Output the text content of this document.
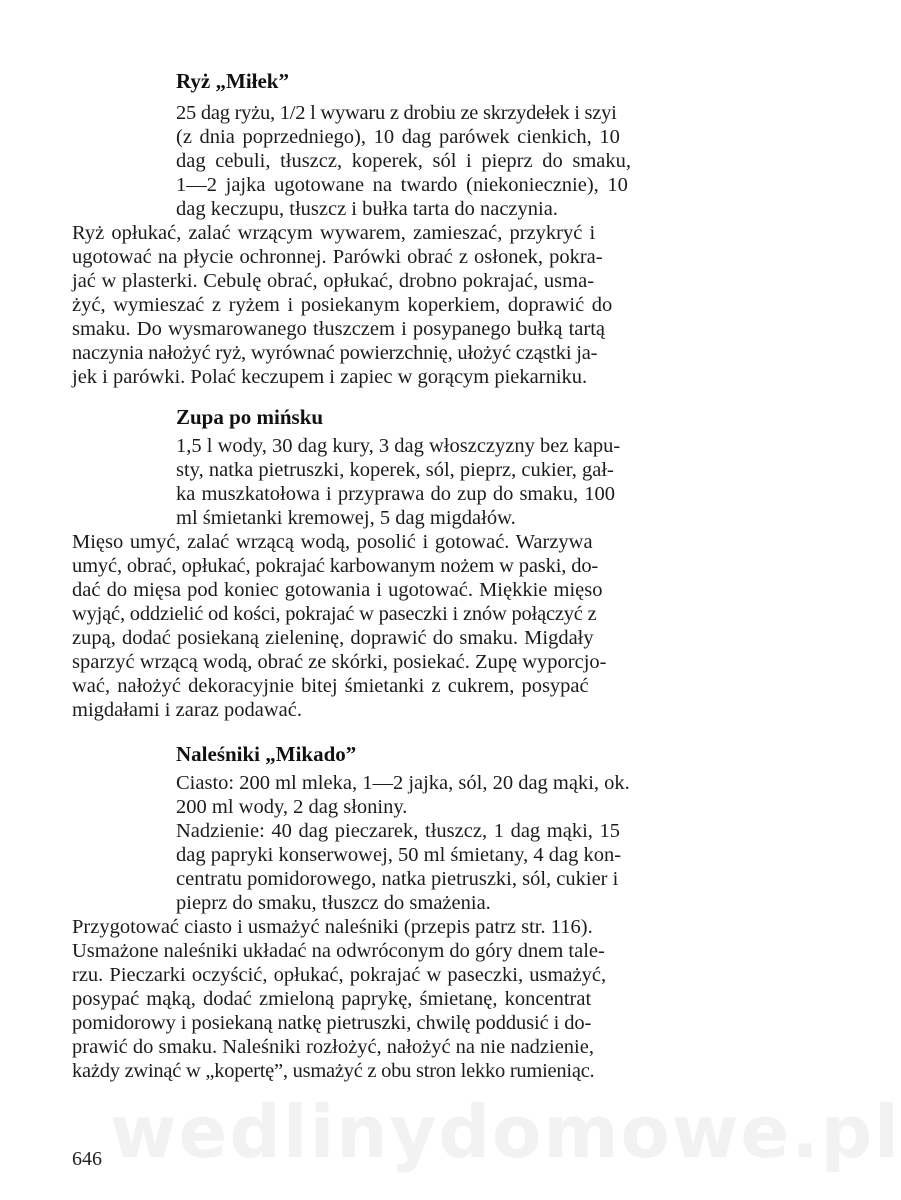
wedlinydomowe.pl
Ryż „Miłek”
25 dag ryżu, 1/2 l wywaru z drobiu ze skrzydełek i szyi
(z dnia poprzedniego), 10 dag parówek cienkich, 10
dag cebuli, tłuszcz, koperek, sól i pieprz do smaku,
1—2 jajka ugotowane na twardo (niekoniecznie), 10
dag keczupu, tłuszcz i bułka tarta do naczynia.
Ryż opłukać, zalać wrzącym wywarem, zamieszać, przykryć i
ugotować na płycie ochronnej. Parówki obrać z osłonek, pokra-
jać w plasterki. Cebulę obrać, opłukać, drobno pokrajać, usma-
żyć, wymieszać z ryżem i posiekanym koperkiem, doprawić do
smaku. Do wysmarowanego tłuszczem i posypanego bułką tartą
naczynia nałożyć ryż, wyrównać powierzchnię, ułożyć cząstki ja-
jek i parówki. Polać keczupem i zapiec w gorącym piekarniku.
Zupa po mińsku
1,5 l wody, 30 dag kury, 3 dag włoszczyzny bez kapu-
sty, natka pietruszki, koperek, sól, pieprz, cukier, gał-
ka muszkatołowa i przyprawa do zup do smaku, 100
ml śmietanki kremowej, 5 dag migdałów.
Mięso umyć, zalać wrzącą wodą, posolić i gotować. Warzywa
umyć, obrać, opłukać, pokrajać karbowanym nożem w paski, do-
dać do mięsa pod koniec gotowania i ugotować. Miękkie mięso
wyjąć, oddzielić od kości, pokrajać w paseczki i znów połączyć z
zupą, dodać posiekaną zieleninę, doprawić do smaku. Migdały
sparzyć wrzącą wodą, obrać ze skórki, posiekać. Zupę wyporcjo-
wać, nałożyć dekoracyjnie bitej śmietanki z cukrem, posypać
migdałami i zaraz podawać.
Naleśniki „Mikado”
Ciasto: 200 ml mleka, 1—2 jajka, sól, 20 dag mąki, ok.
200 ml wody, 2 dag słoniny.
Nadzienie: 40 dag pieczarek, tłuszcz, 1 dag mąki, 15
dag papryki konserwowej, 50 ml śmietany, 4 dag kon-
centratu pomidorowego, natka pietruszki, sól, cukier i
pieprz do smaku, tłuszcz do smażenia.
Przygotować ciasto i usmażyć naleśniki (przepis patrz str. 116).
Usmażone naleśniki układać na odwróconym do góry dnem tale-
rzu. Pieczarki oczyścić, opłukać, pokrajać w paseczki, usmażyć,
posypać mąką, dodać zmieloną paprykę, śmietanę, koncentrat
pomidorowy i posiekaną natkę pietruszki, chwilę poddusić i do-
prawić do smaku. Naleśniki rozłożyć, nałożyć na nie nadzienie,
każdy zwinąć w „kopertę”, usmażyć z obu stron lekko rumieniąc.
646
